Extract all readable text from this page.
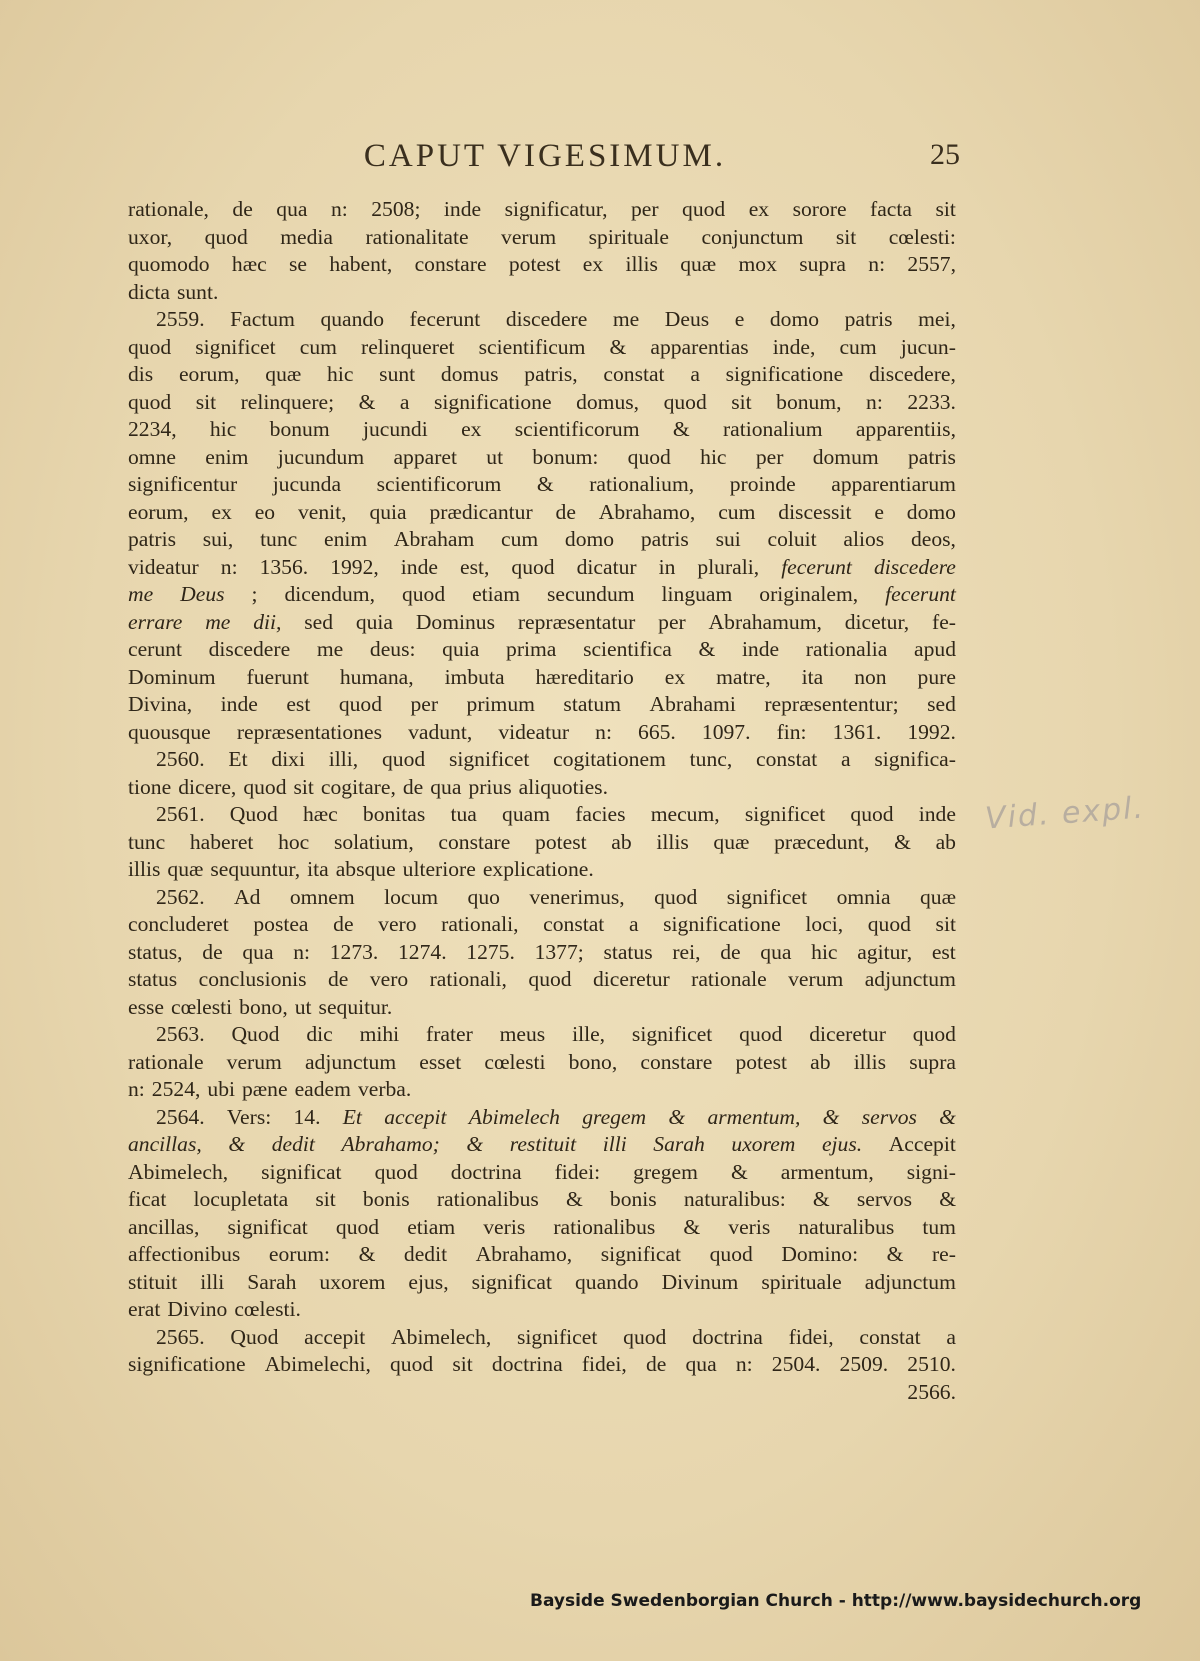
CAPUT VIGESIMUM.	25
rationale, de qua n: 2508; inde significatur, per quod ex sorore facta sit
uxor, quod media rationalitate verum spirituale conjunctum sit cœlesti:
quomodo hæc se habent, constare potest ex illis quæ mox supra n: 2557,
dicta sunt.
2559. Factum quando fecerunt discedere me Deus e domo patris mei,
quod significet cum relinqueret scientificum & apparentias inde, cum jucun-
dis eorum, quæ hic sunt domus patris, constat a significatione discedere,
quod sit relinquere; & a significatione domus, quod sit bonum, n: 2233.
2234, hic bonum jucundi ex scientificorum & rationalium apparentiis,
omne enim jucundum apparet ut bonum: quod hic per domum patris
significentur jucunda scientificorum & rationalium, proinde apparentiarum
eorum, ex eo venit, quia prædicantur de Abrahamo, cum discessit e domo
patris sui, tunc enim Abraham cum domo patris sui coluit alios deos,
videatur n: 1356. 1992, inde est, quod dicatur in plurali, fecerunt discedere
me Deus ; dicendum, quod etiam secundum linguam originalem, fecerunt
errare me dii, sed quia Dominus repræsentatur per Abrahamum, dicetur, fe-
cerunt discedere me deus: quia prima scientifica & inde rationalia apud
Dominum fuerunt humana, imbuta hæreditario ex matre, ita non pure
Divina, inde est quod per primum statum Abrahami repræsententur; sed
quousque repræsentationes vadunt, videatur n: 665. 1097. fin: 1361. 1992.
2560. Et dixi illi, quod significet cogitationem tunc, constat a significa-
tione dicere, quod sit cogitare, de qua prius aliquoties.
2561. Quod hæc bonitas tua quam facies mecum, significet quod inde
tunc haberet hoc solatium, constare potest ab illis quæ præcedunt, & ab
illis quæ sequuntur, ita absque ulteriore explicatione.
2562. Ad omnem locum quo venerimus, quod significet omnia quæ
concluderet postea de vero rationali, constat a significatione loci, quod sit
status, de qua n: 1273. 1274. 1275. 1377; status rei, de qua hic agitur, est
status conclusionis de vero rationali, quod diceretur rationale verum adjunctum
esse cœlesti bono, ut sequitur.
2563. Quod dic mihi frater meus ille, significet quod diceretur quod
rationale verum adjunctum esset cœlesti bono, constare potest ab illis supra
n: 2524, ubi pæne eadem verba.
2564. Vers: 14. Et accepit Abimelech gregem & armentum, & servos &
ancillas, & dedit Abrahamo; & restituit illi Sarah uxorem ejus. Accepit
Abimelech, significat quod doctrina fidei: gregem & armentum, signi-
ficat locupletata sit bonis rationalibus & bonis naturalibus: & servos &
ancillas, significat quod etiam veris rationalibus & veris naturalibus tum
affectionibus eorum: & dedit Abrahamo, significat quod Domino: & re-
stituit illi Sarah uxorem ejus, significat quando Divinum spirituale adjunctum
erat Divino cœlesti.
2565. Quod accepit Abimelech, significet quod doctrina fidei, constat a
significatione Abimelechi, quod sit doctrina fidei, de qua n: 2504. 2509. 2510.
2566.
Vid. expl.
Bayside Swedenborgian Church - http://www.baysidechurch.org
